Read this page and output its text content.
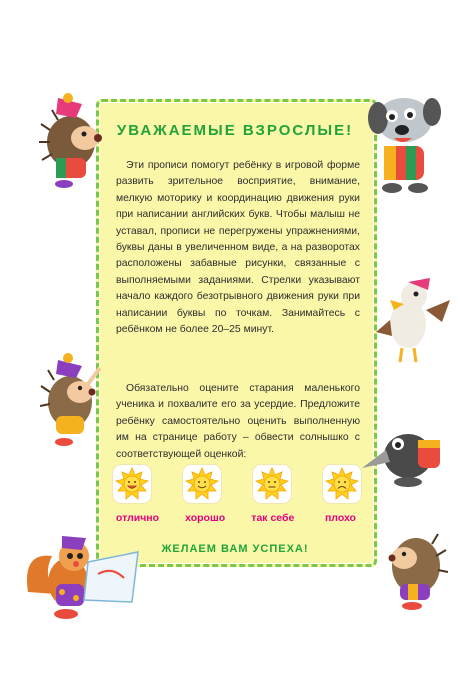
УВАЖАЕМЫЕ ВЗРОСЛЫЕ!
Эти прописи помогут ребёнку в игровой форме развить зрительное восприятие, внимание, мелкую моторику и координацию движения руки при написании английских букв. Чтобы малыш не уставал, прописи не перегружены упражнениями, буквы даны в увеличенном виде, а на разворотах расположены забавные рисунки, связанные с выполняемыми заданиями. Стрелки указывают начало каждого безотрывного движения руки при написании буквы по точкам. Занимайтесь с ребёнком не более 20–25 минут.
Обязательно оцените старания маленького ученика и похвалите его за усердие. Предложите ребёнку самостоятельно оценить выполненную им на странице работу – обвести солнышко с соответствующей оценкой:
отлично	хорошо	так себе	плохо
ЖЕЛАЕМ ВАМ УСПЕХА!
